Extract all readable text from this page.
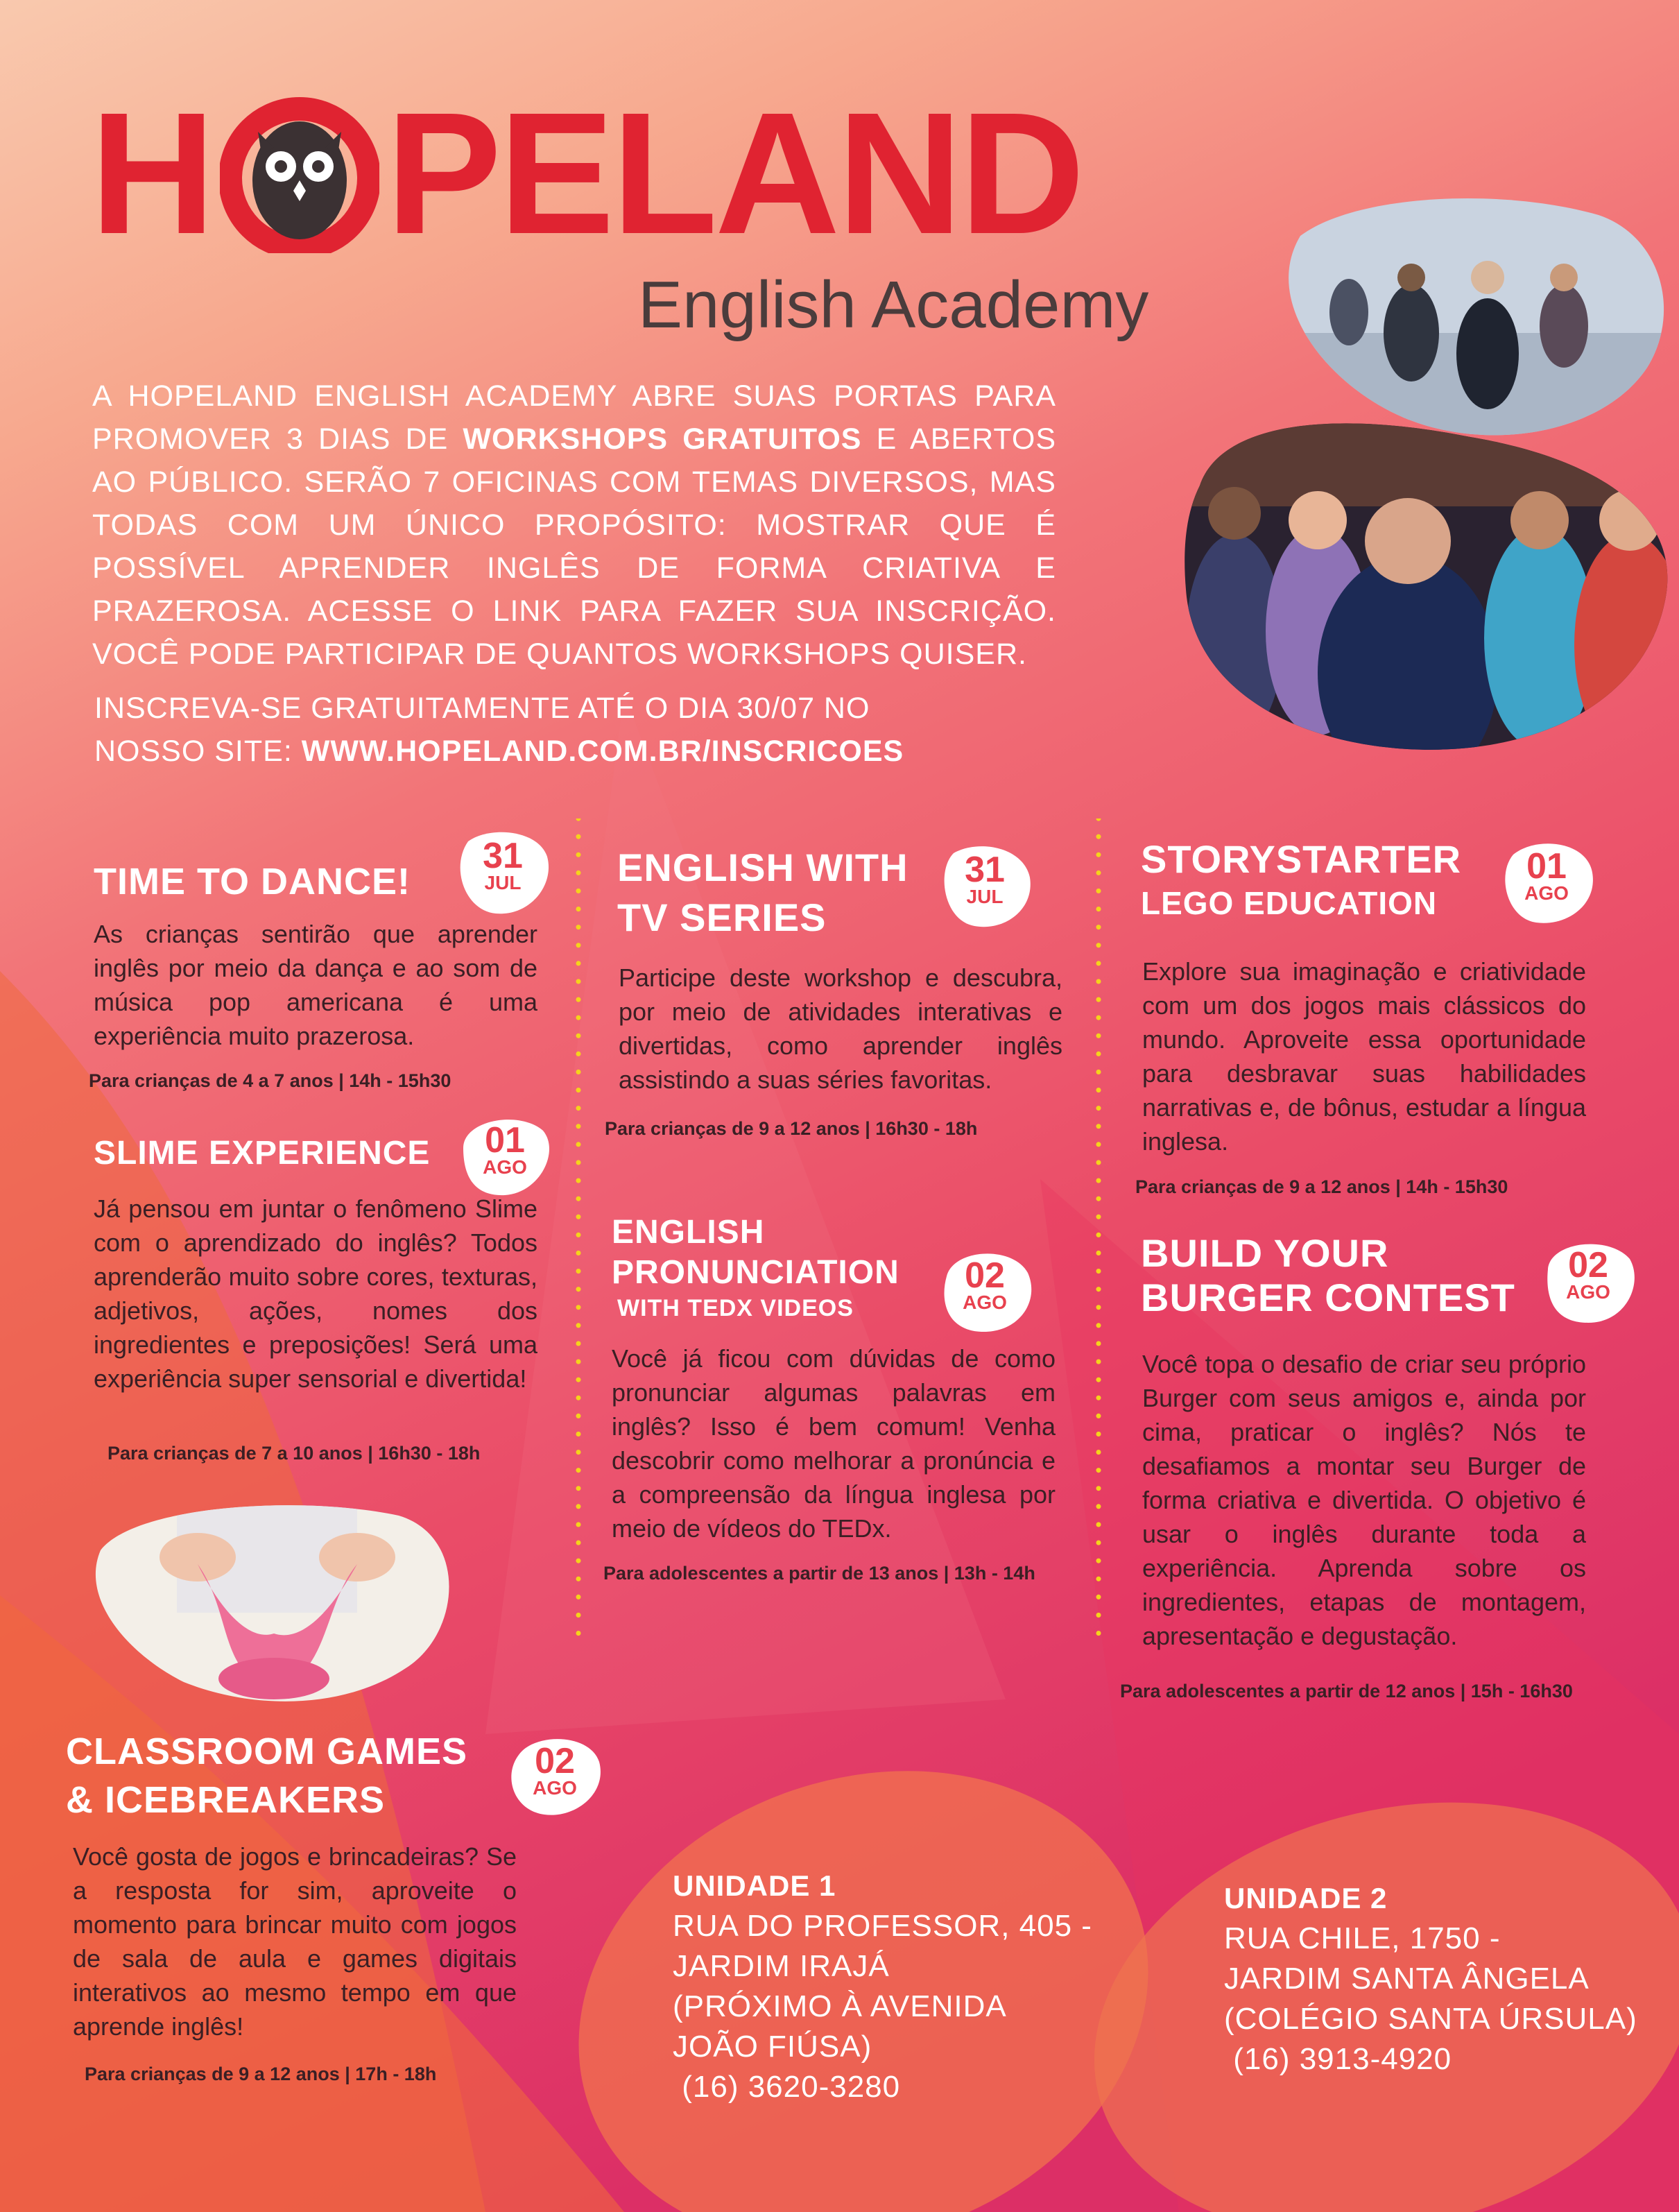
H PELAND
English Academy
A HOPELAND ENGLISH ACADEMY ABRE SUAS PORTAS PARA PROMOVER 3 DIAS DE WORKSHOPS GRATUITOS E ABERTOS AO PÚBLICO. SERÃO 7 OFICINAS COM TEMAS DIVERSOS, MAS TODAS COM UM ÚNICO PROPÓSITO: MOSTRAR QUE É POSSÍVEL APRENDER INGLÊS DE FORMA CRIATIVA E PRAZEROSA. ACESSE O LINK PARA FAZER SUA INSCRIÇÃO. VOCÊ PODE PARTICIPAR DE QUANTOS WORKSHOPS QUISER.
INSCREVA-SE GRATUITAMENTE ATÉ O DIA 30/07 NO
NOSSO SITE: WWW.HOPELAND.COM.BR/INSCRICOES
TIME TO DANCE!
31
JUL
As crianças sentirão que aprender inglês por meio da dança e ao som de música pop americana é uma experiência muito prazerosa.
Para crianças de 4 a 7 anos | 14h - 15h30
SLIME EXPERIENCE	01
AGO
Já pensou em juntar o fenômeno Slime com o aprendizado do inglês? Todos aprenderão muito sobre cores, texturas, adjetivos, ações, nomes dos ingredientes e preposições! Será uma experiência super sensorial e divertida!
Para crianças de 7 a 10 anos | 16h30 - 18h
CLASSROOM GAMES
& ICEBREAKERS
02
AGO
Você gosta de jogos e brincadeiras? Se a resposta for sim, aproveite o momento para brincar muito com jogos de sala de aula e games digitais interativos ao mesmo tempo em que aprende inglês!
Para crianças de 9 a 12 anos | 17h - 18h
ENGLISH WITH
TV SERIES
31
JUL
Participe deste workshop e descubra, por meio de atividades interativas e divertidas, como aprender inglês assistindo a suas séries favoritas.
Para crianças de 9 a 12 anos | 16h30 - 18h
ENGLISH
PRONUNCIATION
WITH TEDX VIDEOS
02
AGO
Você já ficou com dúvidas de como pronunciar algumas palavras em inglês? Isso é bem comum! Venha descobrir como melhorar a pronúncia e a compreensão da língua inglesa por meio de vídeos do TEDx.
Para adolescentes a partir de 13 anos | 13h - 14h
STORYSTARTER
LEGO EDUCATION
01
AGO
Explore sua imaginação e criatividade com um dos jogos mais clássicos do mundo. Aproveite essa oportunidade para desbravar suas habilidades narrativas e, de bônus, estudar a língua inglesa.
Para crianças de 9 a 12 anos | 14h - 15h30
BUILD YOUR
BURGER CONTEST
02
AGO
Você topa o desafio de criar seu próprio Burger com seus amigos e, ainda por cima, praticar o inglês? Nós te desafiamos a montar seu Burger de forma criativa e divertida. O objetivo é usar o inglês durante toda a experiência. Aprenda sobre os ingredientes, etapas de montagem, apresentação e degustação.
Para adolescentes a partir de 12 anos | 15h - 16h30
UNIDADE 1
RUA DO PROFESSOR, 405 -
JARDIM IRAJÁ
(PRÓXIMO À AVENIDA
JOÃO FIÚSA)
(16) 3620-3280
UNIDADE 2
RUA CHILE, 1750 -
JARDIM SANTA ÂNGELA
(COLÉGIO SANTA ÚRSULA)
(16) 3913-4920
